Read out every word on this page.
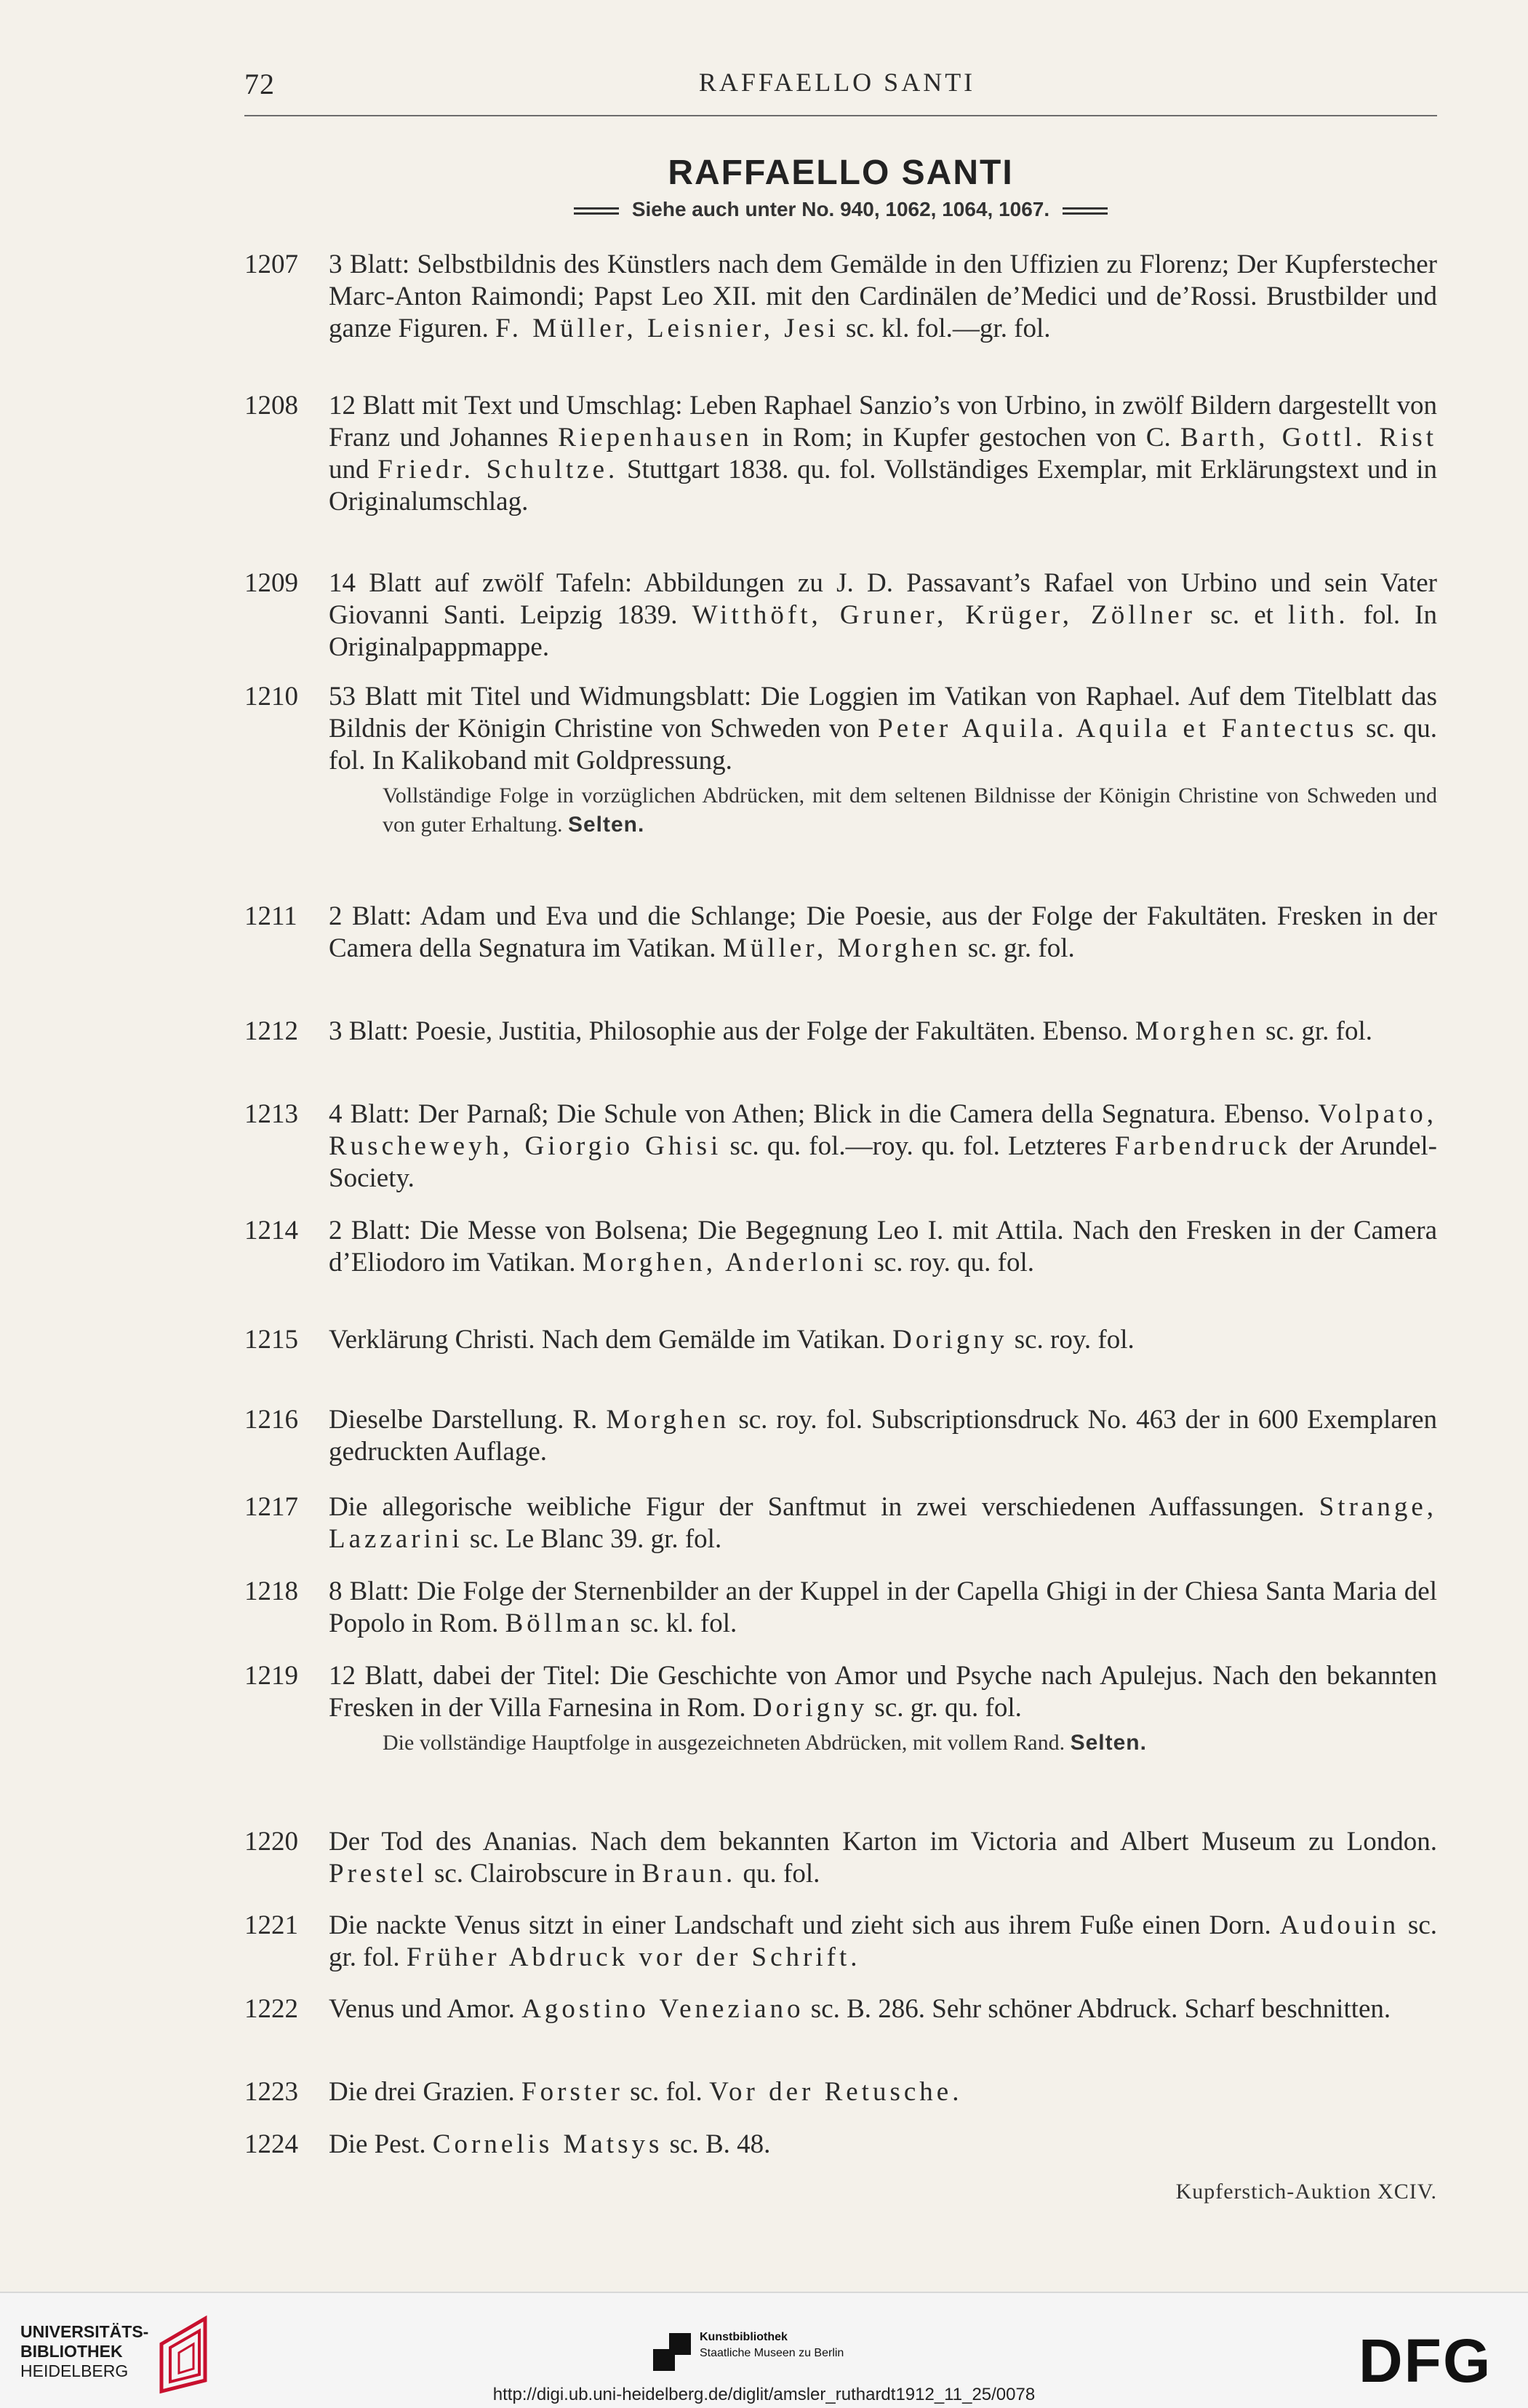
72	RAFFAELLO SANTI
RAFFAELLO SANTI
Siehe auch unter No. 940, 1062, 1064, 1067.
1207 3 Blatt: Selbstbildnis des Künstlers nach dem Gemälde in den Uffizien zu Florenz; Der Kupferstecher Marc-Anton Raimondi; Papst Leo XII. mit den Cardinälen de’Medici und de’Rossi. Brustbilder und ganze Figuren. F. Müller, Leisnier, Jesi sc. kl. fol.—gr. fol.
1208 12 Blatt mit Text und Umschlag: Leben Raphael Sanzio’s von Urbino, in zwölf Bildern dargestellt von Franz und Johannes Riepenhausen in Rom; in Kupfer gestochen von C. Barth, Gottl. Rist und Friedr. Schultze. Stuttgart 1838. qu. fol. Vollständiges Exemplar, mit Erklärungstext und in Originalumschlag.
1209 14 Blatt auf zwölf Tafeln: Abbildungen zu J. D. Passavant’s Rafael von Urbino und sein Vater Giovanni Santi. Leipzig 1839. Witthöft, Gruner, Krüger, Zöllner sc. et lith. fol. In Originalpappmappe.
1210 53 Blatt mit Titel und Widmungsblatt: Die Loggien im Vatikan von Raphael. Auf dem Titelblatt das Bildnis der Königin Christine von Schweden von Peter Aquila. Aquila et Fantectus sc. qu. fol. In Kalikoband mit Goldpressung.
Vollständige Folge in vorzüglichen Abdrücken, mit dem seltenen Bildnisse der Königin Christine von Schweden und von guter Erhaltung. Selten.
1211 2 Blatt: Adam und Eva und die Schlange; Die Poesie, aus der Folge der Fakultäten. Fresken in der Camera della Segnatura im Vatikan. Müller, Morghen sc. gr. fol.
1212 3 Blatt: Poesie, Justitia, Philosophie aus der Folge der Fakultäten. Ebenso. Morghen sc. gr. fol.
1213 4 Blatt: Der Parnaß; Die Schule von Athen; Blick in die Camera della Segnatura. Ebenso. Volpato, Ruscheweyh, Giorgio Ghisi sc. qu. fol.—roy. qu. fol. Letzteres Farbendruck der Arundel-Society.
1214 2 Blatt: Die Messe von Bolsena; Die Begegnung Leo I. mit Attila. Nach den Fresken in der Camera d’Eliodoro im Vatikan. Morghen, Anderloni sc. roy. qu. fol.
1215 Verklärung Christi. Nach dem Gemälde im Vatikan. Dorigny sc. roy. fol.
1216 Dieselbe Darstellung. R. Morghen sc. roy. fol. Subscriptionsdruck No. 463 der in 600 Exemplaren gedruckten Auflage.
1217 Die allegorische weibliche Figur der Sanftmut in zwei verschiedenen Auffassungen. Strange, Lazzarini sc. Le Blanc 39. gr. fol.
1218 8 Blatt: Die Folge der Sternenbilder an der Kuppel in der Capella Ghigi in der Chiesa Santa Maria del Popolo in Rom. Böllman sc. kl. fol.
1219 12 Blatt, dabei der Titel: Die Geschichte von Amor und Psyche nach Apulejus. Nach den bekannten Fresken in der Villa Farnesina in Rom. Dorigny sc. gr. qu. fol.
Die vollständige Hauptfolge in ausgezeichneten Abdrücken, mit vollem Rand. Selten.
1220 Der Tod des Ananias. Nach dem bekannten Karton im Victoria and Albert Museum zu London. Prestel sc. Clairobscure in Braun. qu. fol.
1221 Die nackte Venus sitzt in einer Landschaft und zieht sich aus ihrem Fuße einen Dorn. Audouin sc. gr. fol. Früher Abdruck vor der Schrift.
1222 Venus und Amor. Agostino Veneziano sc. B. 286. Sehr schöner Abdruck. Scharf beschnitten.
1223 Die drei Grazien. Forster sc. fol. Vor der Retusche.
1224 Die Pest. Cornelis Matsys sc. B. 48.
Kupferstich-Auktion XCIV.
UNIVERSITÄTS-
BIBLIOTHEK
HEIDELBERG
Kunstbibliothek
Staatliche Museen zu Berlin	DFG
http://digi.ub.uni-heidelberg.de/diglit/amsler_ruthardt1912_11_25/0078
